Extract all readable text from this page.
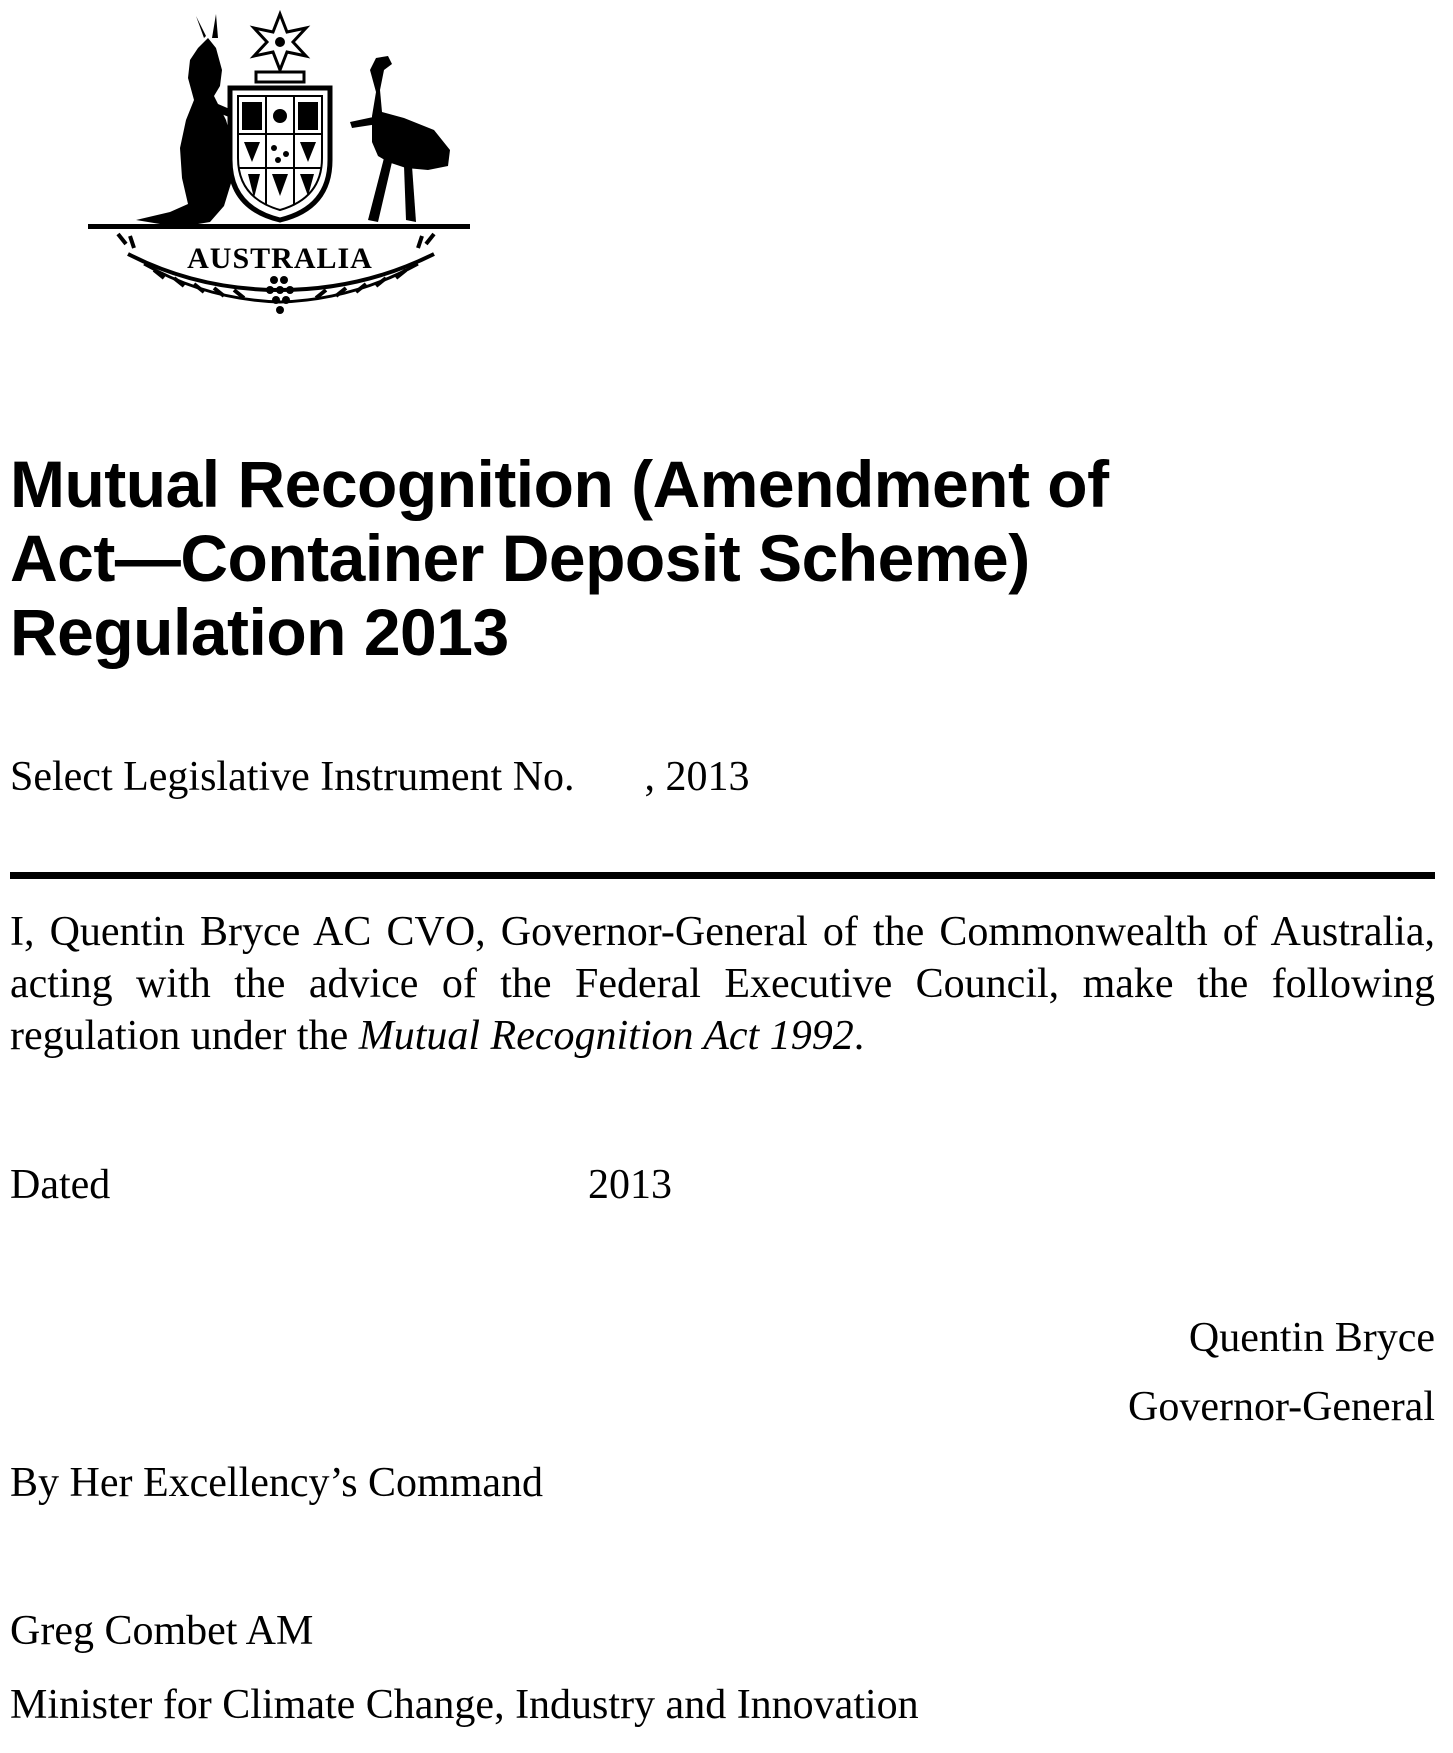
AUSTRALIA
Mutual Recognition (Amendment of
Act—Container Deposit Scheme)
Regulation 2013
Select Legislative Instrument No. , 2013
I, Quentin Bryce AC CVO, Governor-General of the Commonwealth of Australia, acting with the advice of the Federal Executive Council, make the following regulation under the Mutual Recognition Act 1992.
Dated	2013
Quentin Bryce
Governor-General
By Her Excellency’s Command
Greg Combet AM
Minister for Climate Change, Industry and Innovation
